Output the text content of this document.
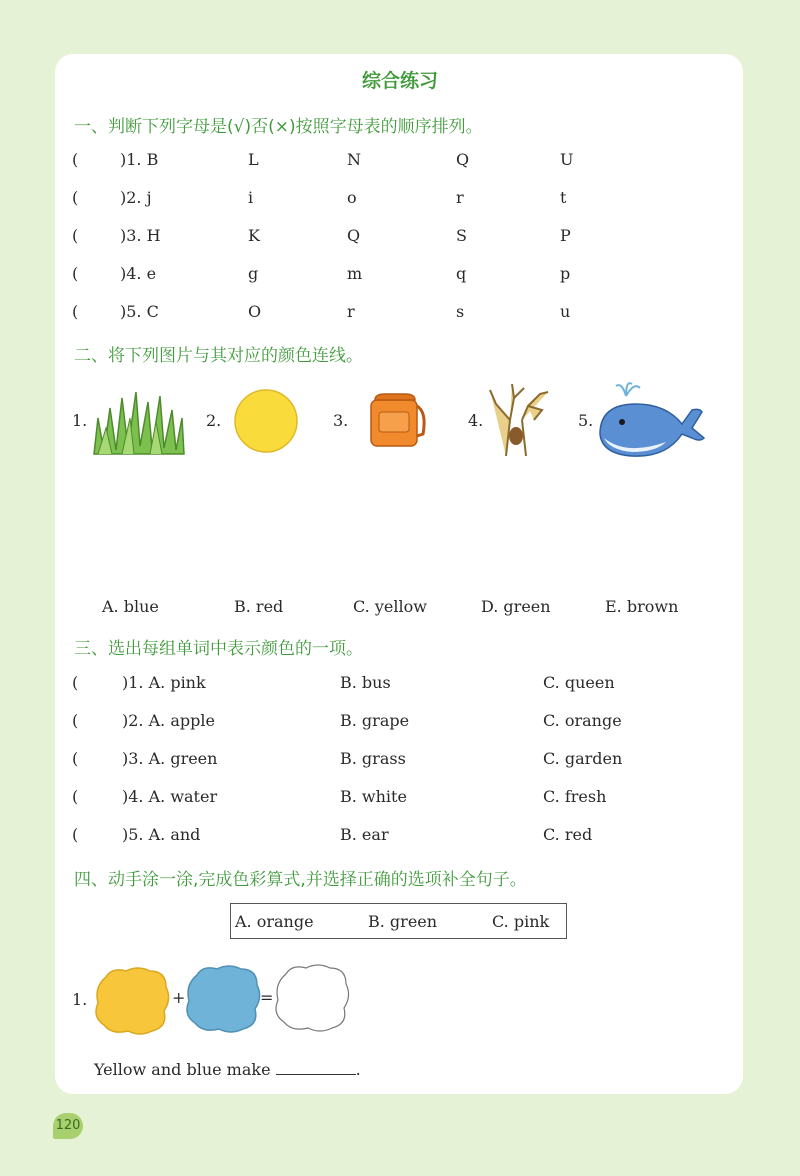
综合练习
一、判断下列字母是(√)否(×)按照字母表的顺序排列。
(	)1. B	L	N	Q	U
(	)2. j	i	o	r	t
(	)3. H	K	Q	S	P
(	)4. e	g	m	q	p
(	)5. C	O	r	s	u
二、将下列图片与其对应的颜色连线。
1.	2.	3.	4.	5.
A. blue	B. red	C. yellow	D. green	E. brown
三、选出每组单词中表示颜色的一项。
(	)1. A. pink	B. bus	C. queen
(	)2. A. apple	B. grape	C. orange
(	)3. A. green	B. grass	C. garden
(	)4. A. water	B. white	C. fresh
(	)5. A. and	B. ear	C. red
四、动手涂一涂,完成色彩算式,并选择正确的选项补全句子。
A. orange	B. green	C. pink
1.	+	=
Yellow and blue make	.
120
